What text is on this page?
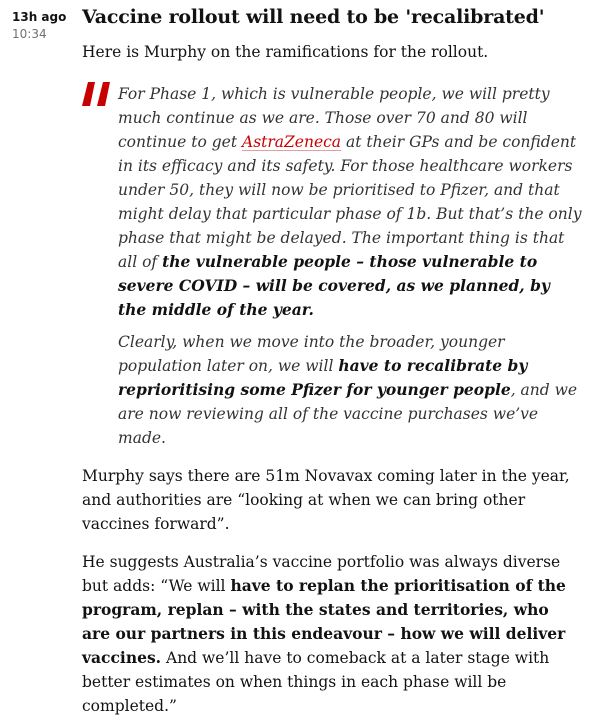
13h ago
10:34
Vaccine rollout will need to be 'recalibrated'

Here is Murphy on the ramifications for the rollout.

For Phase 1, which is vulnerable people, we will pretty much continue as we are. Those over 70 and 80 will continue to get AstraZeneca at their GPs and be confident in its efficacy and its safety. For those healthcare workers under 50, they will now be prioritised to Pfizer, and that might delay that particular phase of 1b. But that’s the only phase that might be delayed. The important thing is that all of the vulnerable people – those vulnerable to severe COVID – will be covered, as we planned, by the middle of the year.

Clearly, when we move into the broader, younger population later on, we will have to recalibrate by reprioritising some Pfizer for younger people, and we are now reviewing all of the vaccine purchases we’ve made.

Murphy says there are 51m Novavax coming later in the year, and authorities are “looking at when we can bring other vaccines forward”.

He suggests Australia’s vaccine portfolio was always diverse but adds: “We will have to replan the prioritisation of the program, replan – with the states and territories, who are our partners in this endeavour – how we will deliver vaccines. And we’ll have to comeback at a later stage with better estimates on when things in each phase will be completed.”
